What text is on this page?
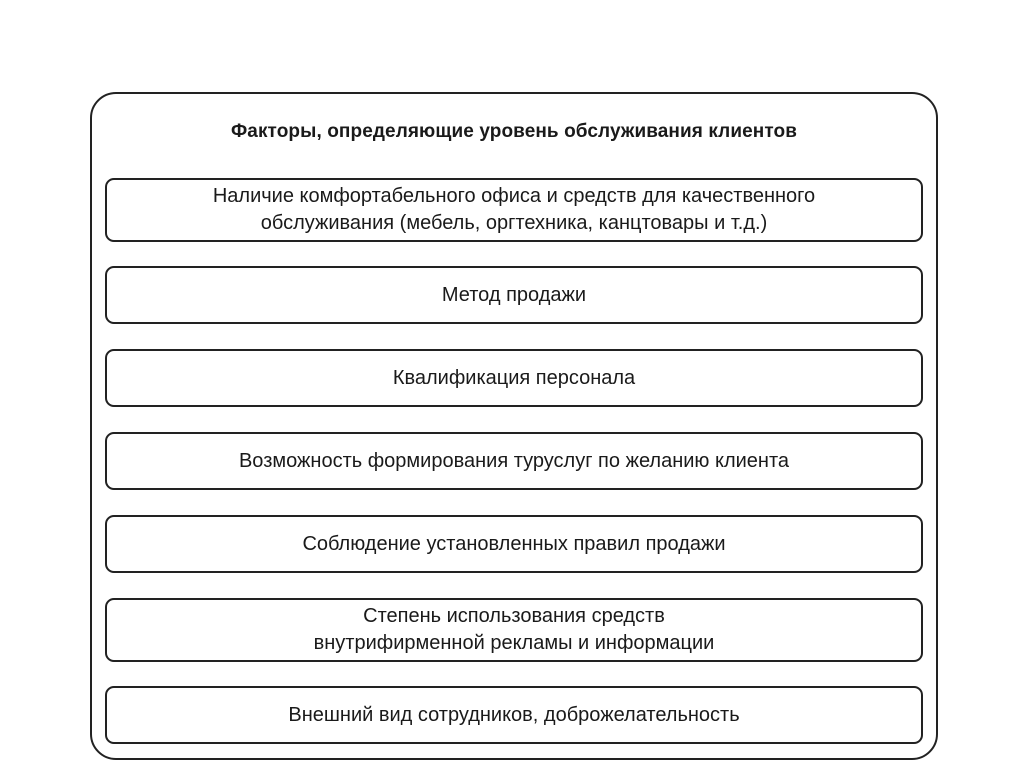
Факторы, определяющие уровень обслуживания клиентов
Наличие комфортабельного офиса и средств для качественного
обслуживания (мебель, оргтехника, канцтовары и т.д.)
Метод продажи
Квалификация персонала
Возможность формирования туруслуг по желанию клиента
Соблюдение установленных правил продажи
Степень использования средств
внутрифирменной рекламы и информации
Внешний вид сотрудников, доброжелательность
